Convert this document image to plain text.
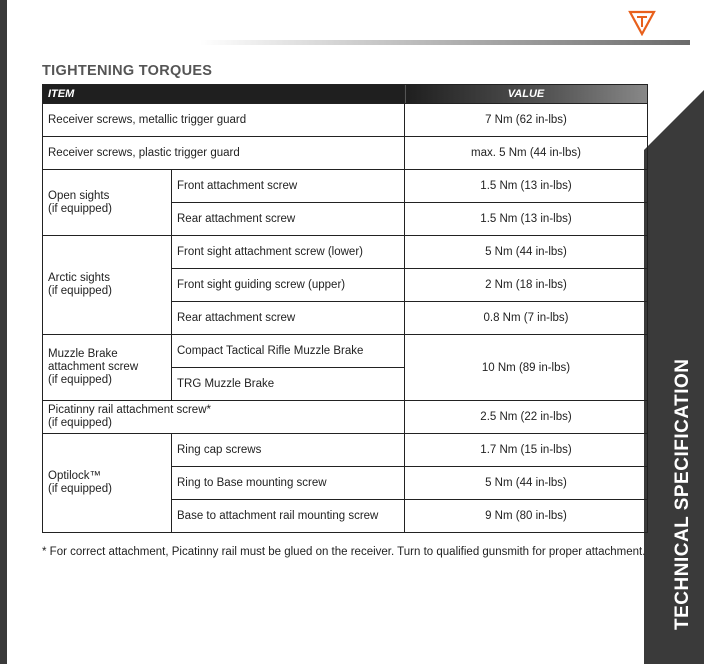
TECHNICAL SPECIFICATION
TIGHTENING TORQUES
ITEM		VALUE
Receiver screws, metallic trigger guard		7 Nm (62 in-lbs)
Receiver screws, plastic trigger guard		max. 5 Nm (44 in-lbs)

Open sights
(if equipped)	Front attachment screw	1.5 Nm (13 in-lbs)
	Rear attachment screw	1.5 Nm (13 in-lbs)

Arctic sights
(if equipped)	Front sight attachment screw (lower)	5 Nm (44 in-lbs)
	Front sight guiding screw (upper)	2 Nm (18 in-lbs)
	Rear attachment screw	0.8 Nm (7 in-lbs)

Muzzle Brake
attachment screw
(if equipped)	Compact Tactical Rifle Muzzle Brake	10 Nm (89 in-lbs)
	TRG Muzzle Brake	

Picatinny rail attachment screw*
(if equipped)		2.5 Nm (22 in-lbs)

Optilock™
(if equipped)	Ring cap screws	1.7 Nm (15 in-lbs)
	Ring to Base mounting screw	5 Nm (44 in-lbs)
	Base to attachment rail mounting screw	9 Nm (80 in-lbs)
* For correct attachment, Picatinny rail must be glued on the receiver. Turn to qualified gunsmith for proper attachment.
